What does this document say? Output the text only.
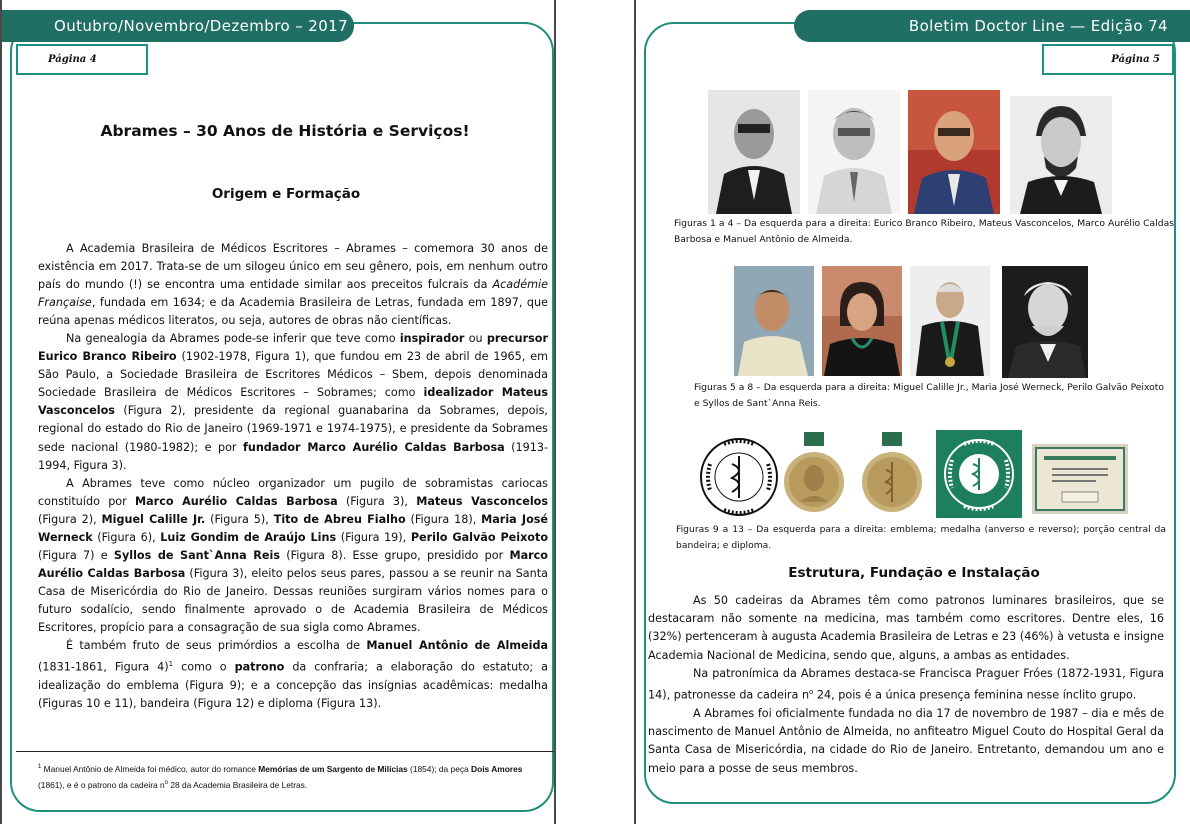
Outubro/Novembro/Dezembro – 2017
Página 4
Abrames – 30 Anos de História e Serviços!
Origem e Formação

A Academia Brasileira de Médicos Escritores – Abrames – comemora 30 anos de existência em 2017. Trata-se de um silogeu único em seu gênero, pois, em nenhum outro país do mundo (!) se encontra uma entidade similar aos preceitos fulcrais da Académie Française, fundada em 1634; e da Academia Brasileira de Letras, fundada em 1897, que reúna apenas médicos literatos, ou seja, autores de obras não científicas.

Na genealogia da Abrames pode-se inferir que teve como inspirador ou precursor Eurico Branco Ribeiro (1902-1978, Figura 1), que fundou em 23 de abril de 1965, em São Paulo, a Sociedade Brasileira de Escritores Médicos – Sbem, depois denominada Sociedade Brasileira de Médicos Escritores – Sobrames; como idealizador Mateus Vasconcelos (Figura 2), presidente da regional guanabarina da Sobrames, depois, regional do estado do Rio de Janeiro (1969-1971 e 1974-1975), e presidente da Sobrames sede nacional (1980-1982); e por fundador Marco Aurélio Caldas Barbosa (1913-1994, Figura 3).

A Abrames teve como núcleo organizador um pugilo de sobramistas cariocas constituído por Marco Aurélio Caldas Barbosa (Figura 3), Mateus Vasconcelos (Figura 2), Miguel Calille Jr. (Figura 5), Tito de Abreu Fialho (Figura 18), Maria José Werneck (Figura 6), Luiz Gondim de Araújo Lins (Figura 19), Perilo Galvão Peixoto (Figura 7) e Syllos de Sant`Anna Reis (Figura 8). Esse grupo, presidido por Marco Aurélio Caldas Barbosa (Figura 3), eleito pelos seus pares, passou a se reunir na Santa Casa de Misericórdia do Rio de Janeiro. Dessas reuniões surgiram vários nomes para o futuro sodalício, sendo finalmente aprovado o de Academia Brasileira de Médicos Escritores, propício para a consagração de sua sigla como Abrames.

É também fruto de seus primórdios a escolha de Manuel Antônio de Almeida (1831-1861, Figura 4)$^1$ como o patrono da confraria; a elaboração do estatuto; a idealização do emblema (Figura 9); e a concepção das insígnias acadêmicas: medalha (Figuras 10 e 11), bandeira (Figura 12) e diploma (Figura 13).

$^1$ Manuel Antônio de Almeida foi médico, autor do romance Memórias de um Sargento de Milícias (1854); da peça Dois Amores (1861), e é o patrono da cadeira $n^o$ 28 da Academia Brasileira de Letras.
Boletim Doctor Line — Edição 74
Página 5
Figuras 1 a 4 – Da esquerda para a direita: Eurico Branco Ribeiro, Mateus Vasconcelos, Marco Aurélio Caldas Barbosa e Manuel Antônio de Almeida.
Figuras 5 a 8 – Da esquerda para a direita: Miguel Calille Jr., Maria José Werneck, Perilo Galvão Peixoto e Syllos de Sant`Anna Reis.
Figuras 9 a 13 – Da esquerda para a direita: emblema; medalha (anverso e reverso); porção central da bandeira; e diploma.
Estrutura, Fundação e Instalação

As 50 cadeiras da Abrames têm como patronos luminares brasileiros, que se destacaram não somente na medicina, mas também como escritores. Dentre eles, 16 (32%) pertenceram à augusta Academia Brasileira de Letras e 23 (46%) à vetusta e insigne Academia Nacional de Medicina, sendo que, alguns, a ambas as entidades.

Na patronímica da Abrames destaca-se Francisca Praguer Fróes (1872-1931, Figura 14), patronesse da cadeira $n^o$ 24, pois é a única presença feminina nesse ínclito grupo.

A Abrames foi oficialmente fundada no dia 17 de novembro de 1987 – dia e mês de nascimento de Manuel Antônio de Almeida, no anfiteatro Miguel Couto do Hospital Geral da Santa Casa de Misericórdia, na cidade do Rio de Janeiro. Entretanto, demandou um ano e meio para a posse de seus membros.
